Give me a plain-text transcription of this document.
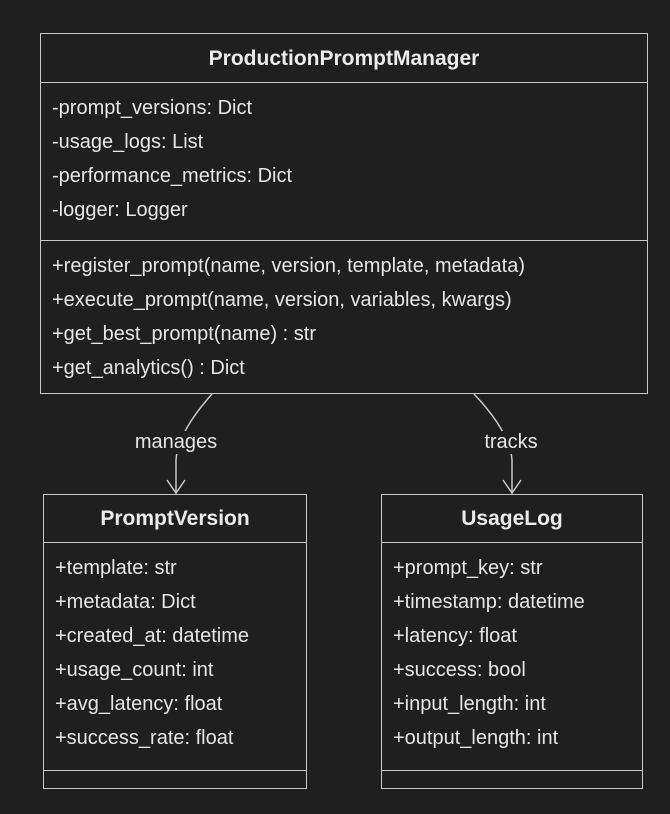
manages	tracks
ProductionPromptManager
-prompt_versions: Dict
-usage_logs: List
-performance_metrics: Dict
-logger: Logger
+register_prompt(name, version, template, metadata)
+execute_prompt(name, version, variables, kwargs)
+get_best_prompt(name) : str
+get_analytics() : Dict
PromptVersion
+template: str
+metadata: Dict
+created_at: datetime
+usage_count: int
+avg_latency: float
+success_rate: float
UsageLog
+prompt_key: str
+timestamp: datetime
+latency: float
+success: bool
+input_length: int
+output_length: int
